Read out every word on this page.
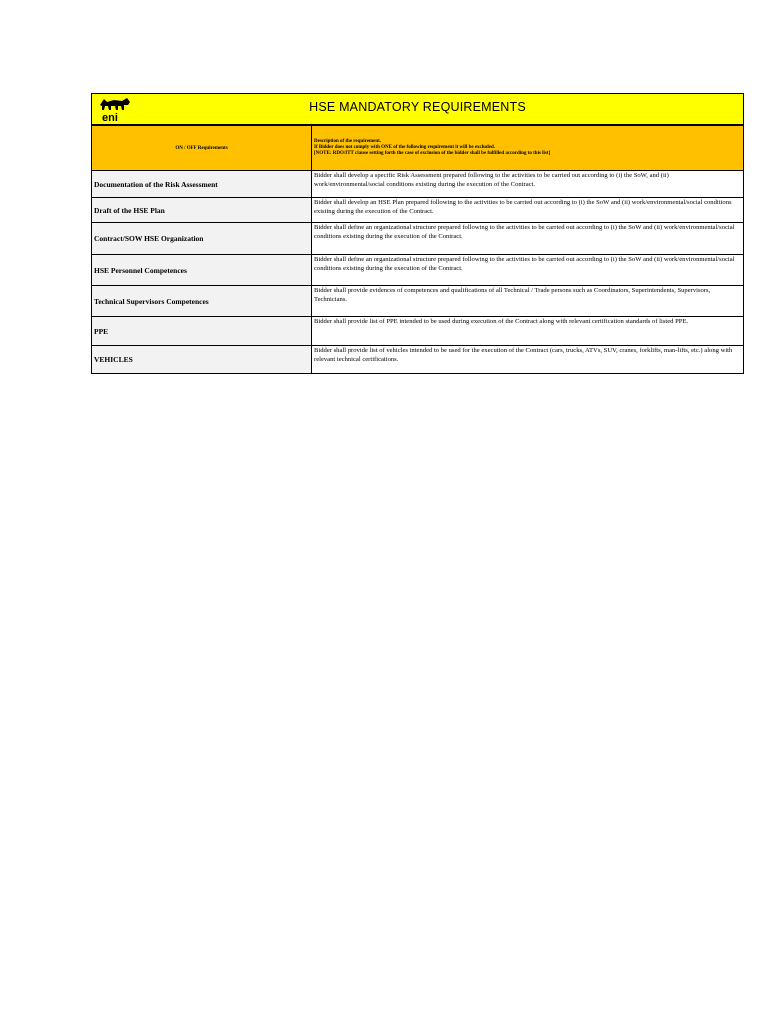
eni
HSE MANDATORY REQUIREMENTS
ON / OFF Requirements	Description of the requirement.
If Bidder does not comply with ONE of the following requirement it will be excluded.
[NOTE: RDO/ITT clause setting forth the case of exclusion of the bidder shall be fulfilled according to this list]

Documentation of the Risk Assessment	Bidder shall develop a specific Risk Assessment prepared following to the activities to be carried out according to (i) the SoW, and (ii) work/environmental/social conditions existing during the execution of the Contract.
Draft of the HSE Plan	Bidder shall develop an HSE Plan prepared following to the activities to be carried out according to (i) the SoW and (ii) work/environmental/social conditions existing during the execution of the Contract.
Contract/SOW HSE Organization	Bidder shall define an organizational structure prepared following to the activities to be carried out according to (i) the SoW and (ii) work/environmental/social conditions existing during the execution of the Contract.
HSE Personnel Competences	Bidder shall define an organizational structure prepared following to the activities to be carried out according to (i) the SoW and (ii) work/environmental/social conditions existing during the execution of the Contract.
Technical Supervisors Competences	Bidder shall provide evidences of competences and qualifications of all Technical / Trade persons such as Coordinators, Superintendents, Supervisors, Technicians.
PPE	Bidder shall provide list of PPE intended to be used during execution of the Contract along with relevant certification standards of listed PPE.
VEHICLES	Bidder shall provide list of vehicles intended to be used for the execution of the Contract (cars, trucks, ATVs, SUV, cranes, forklifts, man-lifts, etc.) along with relevant technical certifications.
